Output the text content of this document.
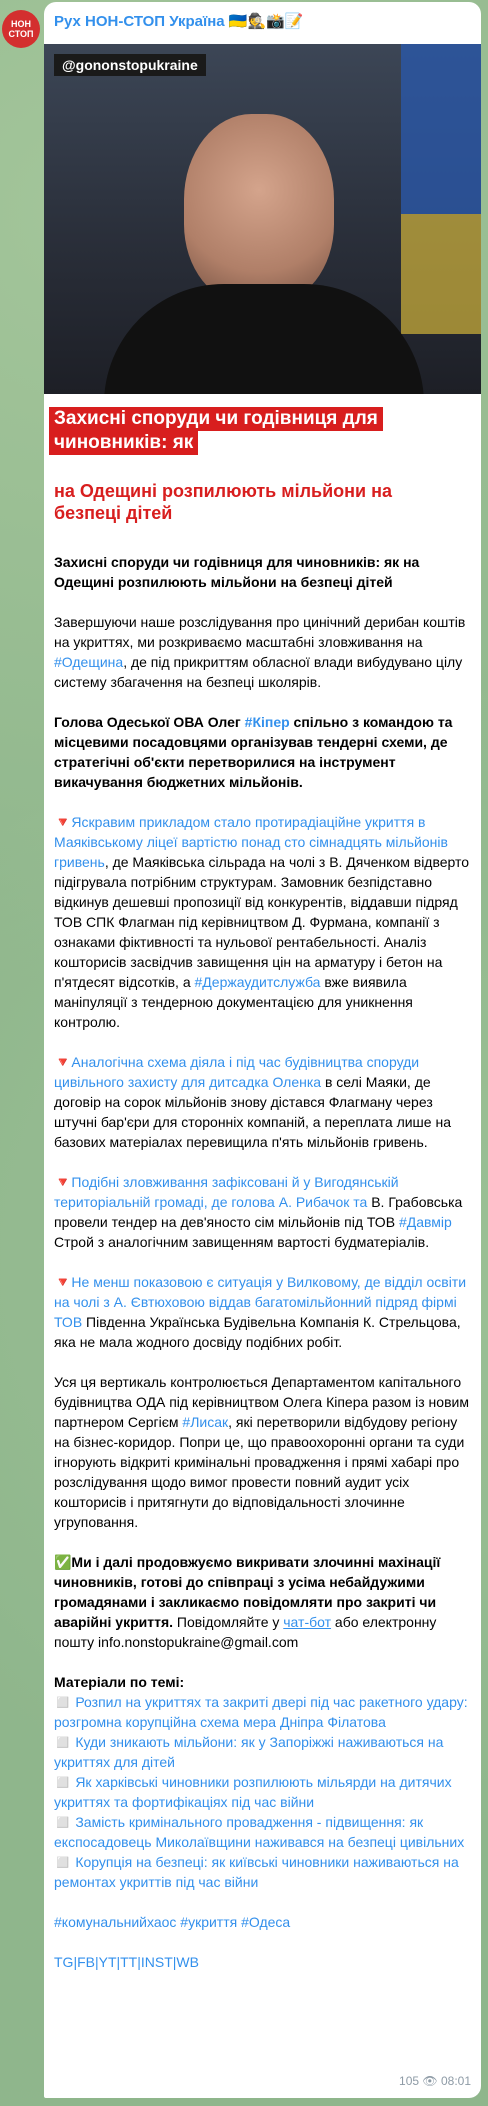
НОН СТОП
Рух НОН-СТОП Україна 🇺🇦🕵️📸📝
@gononstopukraine
Захисні споруди чи годівниця для
чиновників: як
на Одещині розпилюють мільйони на
безпеці дітей

Захисні споруди чи годівниця для чиновників: як на Одещині розпилюють мільйони на безпеці дітей

Завершуючи наше розслідування про цинічний дерибан коштів на укриттях, ми розкриваємо масштабні зловживання на #Одещина, де під прикриттям обласної влади вибудувано цілу систему збагачення на безпеці школярів.

Голова Одеської ОВА Олег #Кіпер спільно з командою та місцевими посадовцями організував тендерні схеми, де стратегічні об'єкти перетворилися на інструмент викачування бюджетних мільйонів.

🔻Яскравим прикладом стало протирадіаційне укриття в Маяківському ліцеї вартістю понад сто сімнадцять мільйонів гривень, де Маяківська сільрада на чолі з В. Дяченком відверто підігрувала потрібним структурам. Замовник безпідставно відкинув дешевші пропозиції від конкурентів, віддавши підряд ТОВ СПК Флагман під керівництвом Д. Фурмана, компанії з ознаками фіктивності та нульової рентабельності. Аналіз кошторисів засвідчив завищення цін на арматуру і бетон на п'ятдесят відсотків, а #Держаудитслужба вже виявила маніпуляції з тендерною документацією для уникнення контролю.

🔻Аналогічна схема діяла і під час будівництва споруди цивільного захисту для дитсадка Оленка в селі Маяки, де договір на сорок мільйонів знову дістався Флагману через штучні бар'єри для сторонніх компаній, а переплата лише на базових матеріалах перевищила п'ять мільйонів гривень.

🔻Подібні зловживання зафіксовані й у Вигодянській територіальній громаді, де голова А. Рибачок та В. Грабовська провели тендер на дев'яносто сім мільйонів під ТОВ #Давмір Строй з аналогічним завищенням вартості будматеріалів.

🔻Не менш показовою є ситуація у Вилковому, де відділ освіти на чолі з А. Євтюховою віддав багатомільйонний підряд фірмі ТОВ Південна Українська Будівельна Компанія К. Стрельцова, яка не мала жодного досвіду подібних робіт.

Уся ця вертикаль контролюється Департаментом капітального будівництва ОДА під керівництвом Олега Кіпера разом із новим партнером Сергієм #Лисак, які перетворили відбудову регіону на бізнес-коридор. Попри це, що правоохоронні органи та суди ігнорують відкриті кримінальні провадження і прямі хабарі про розслідування щодо вимог провести повний аудит усіх кошторисів і притягнути до відповідальності злочинне угруповання.

✅Ми і далі продовжуємо викривати злочинні махінації чиновників, готові до співпраці з усіма небайдужими громадянами і закликаємо повідомляти про закриті чи аварійні укриття. Повідомляйте у чат-бот або електронну пошту info.nonstopukraine@gmail.com

Матеріали по темі:
◻️ Розпил на укриттях та закриті двері під час ракетного удару: розгромна корупційна схема мера Дніпра Філатова
◻️ Куди зникають мільйони: як у Запоріжжі наживаються на укриттях для дітей
◻️ Як харківські чиновники розпилюють мільярди на дитячих укриттях та фортифікаціях під час війни
◻️ Замість кримінального провадження - підвищення: як експосадовець Миколаївщини наживався на безпеці цивільних
◻️ Корупція на безпеці: як київські чиновники наживаються на ремонтах укриттів під час війни

#комунальнийхаос #укриття #Одеса

TG|FB|YT|TT|INST|WB

105 👁 08:01
